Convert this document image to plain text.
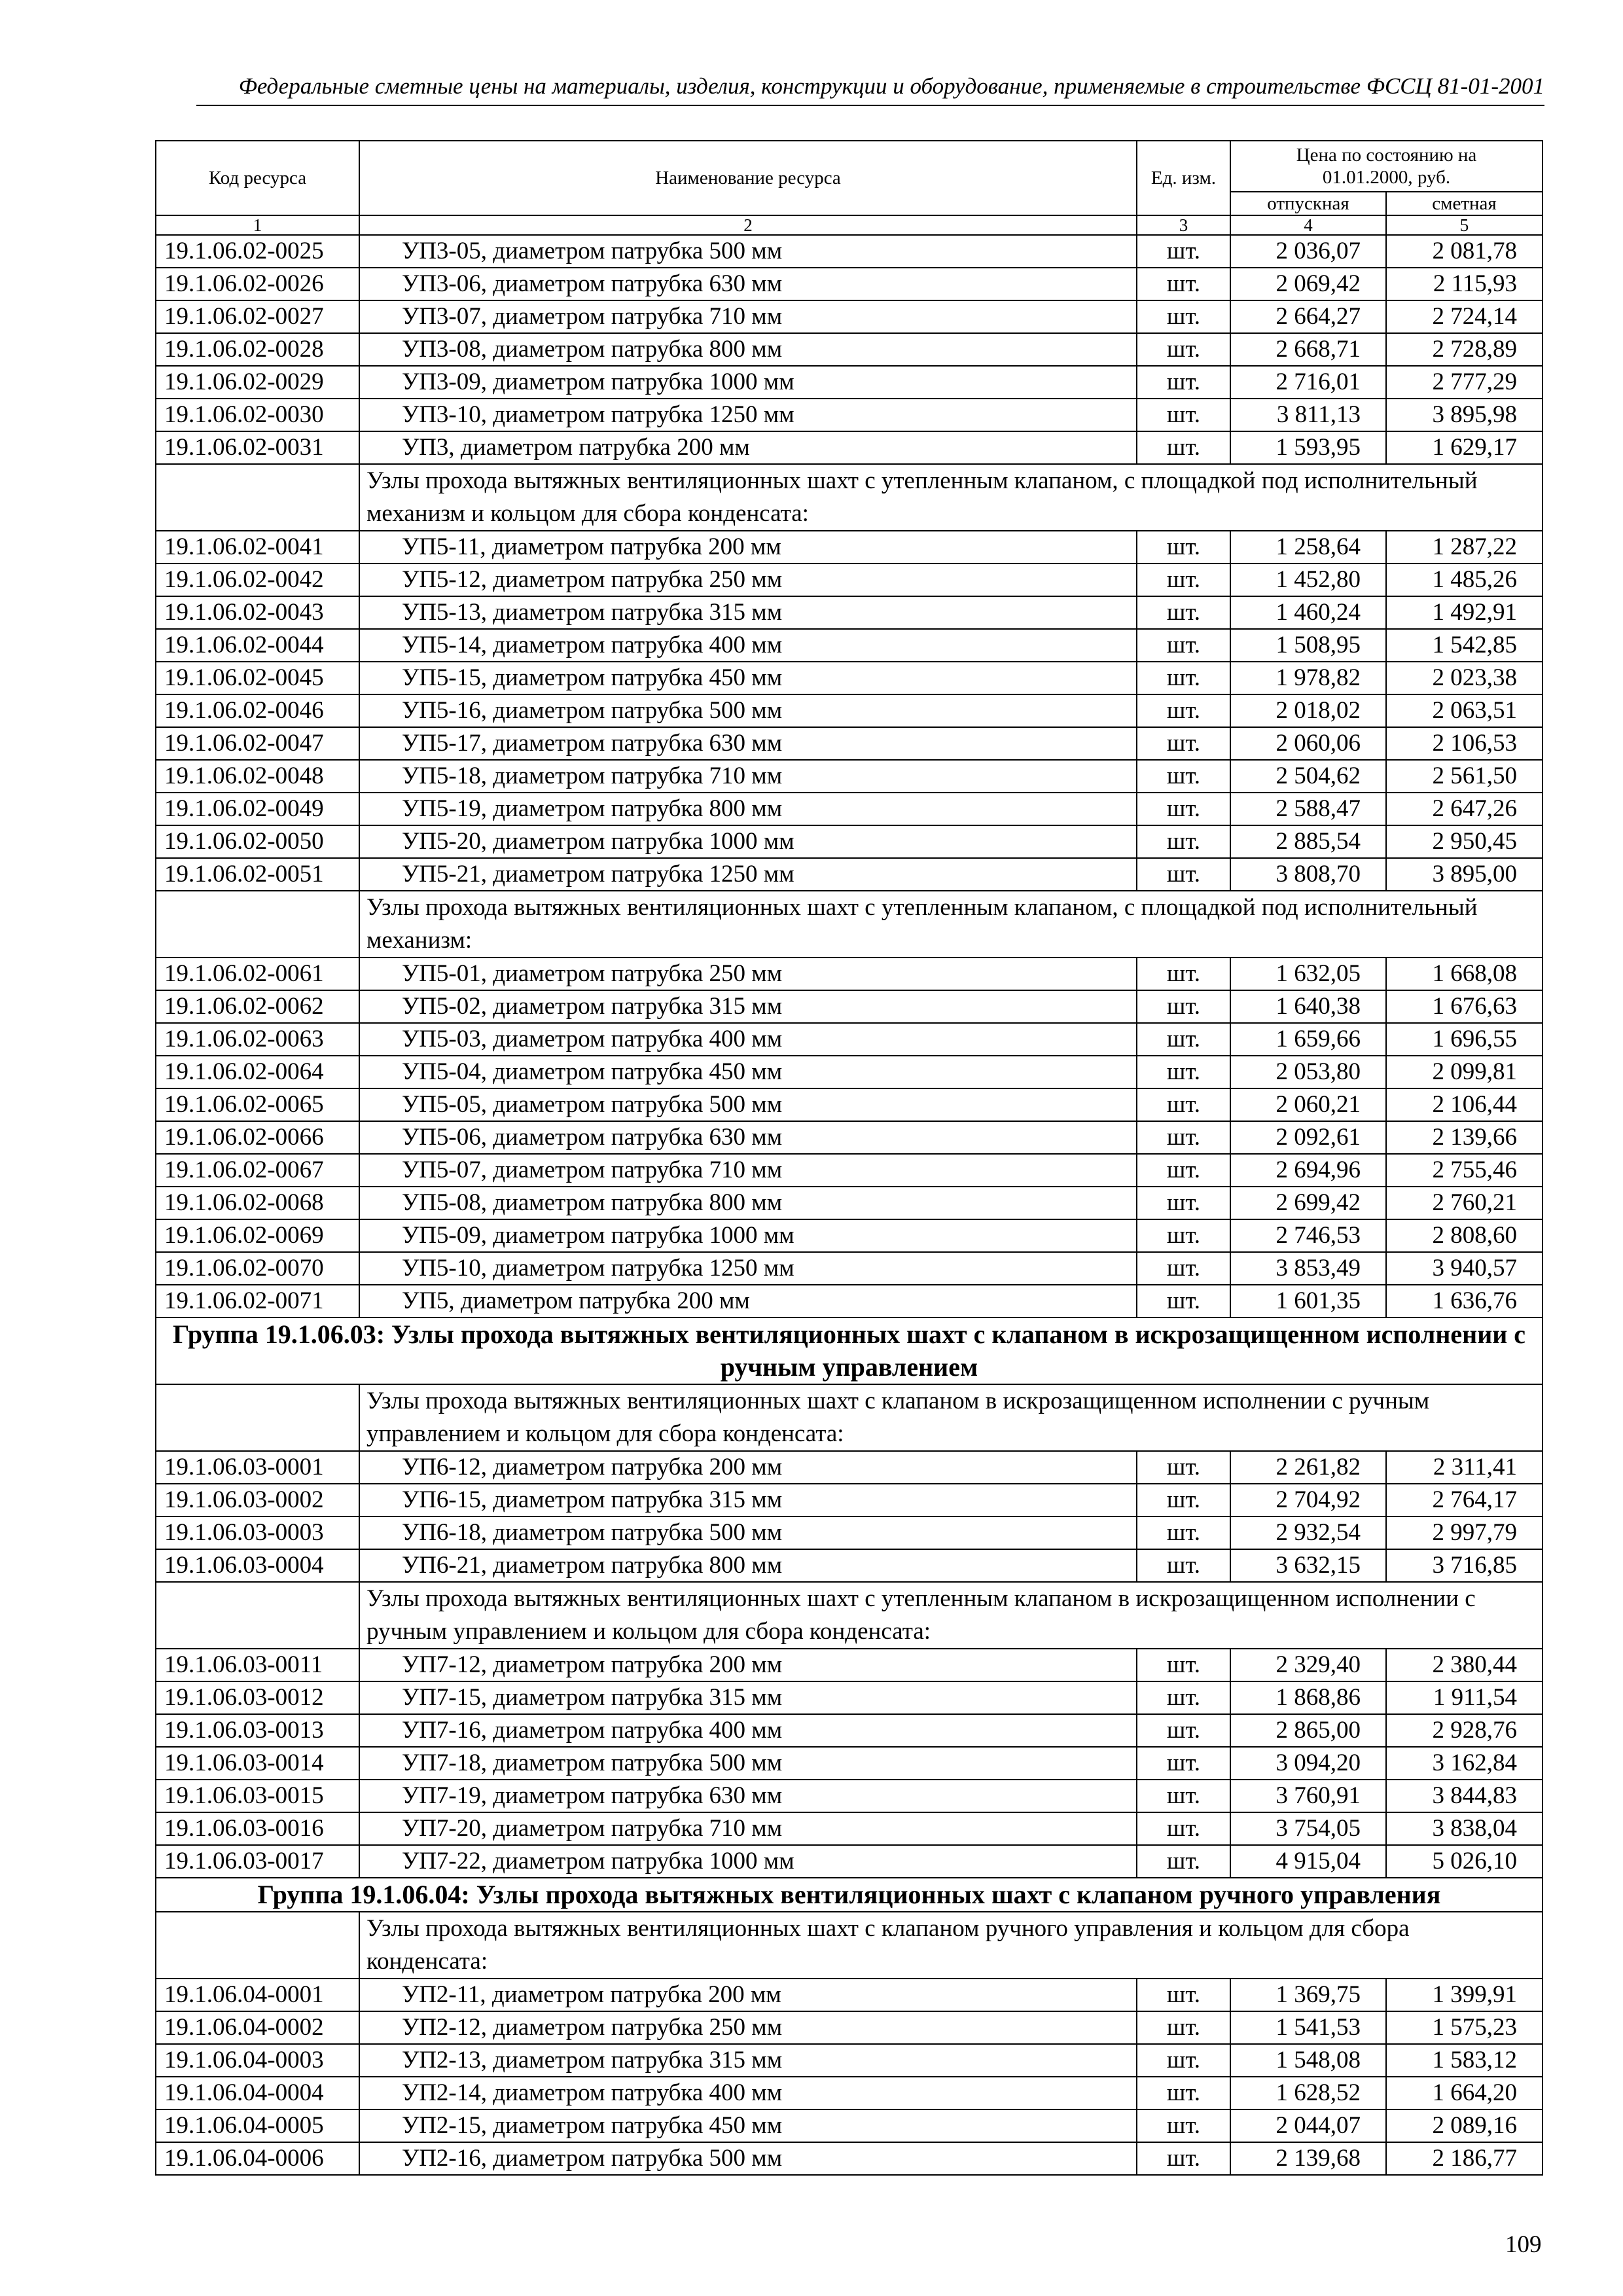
Федеральные сметные цены на материалы, изделия, конструкции и оборудование, применяемые в строительстве ФССЦ 81-01-2001
Код ресурса	Наименование ресурса	Ед. изм.	Цена по состоянию на 01.01.2000, руб.	
			отпускная	сметная
1	2	3	4	5
19.1.06.02-0025	УП3-05, диаметром патрубка 500 мм	шт.	2 036,07	2 081,78
19.1.06.02-0026	УП3-06, диаметром патрубка 630 мм	шт.	2 069,42	2 115,93
19.1.06.02-0027	УП3-07, диаметром патрубка 710 мм	шт.	2 664,27	2 724,14
19.1.06.02-0028	УП3-08, диаметром патрубка 800 мм	шт.	2 668,71	2 728,89
19.1.06.02-0029	УП3-09, диаметром патрубка 1000 мм	шт.	2 716,01	2 777,29
19.1.06.02-0030	УП3-10, диаметром патрубка 1250 мм	шт.	3 811,13	3 895,98
19.1.06.02-0031	УП3, диаметром патрубка 200 мм	шт.	1 593,95	1 629,17
	Узлы прохода вытяжных вентиляционных шахт с утепленным клапаном, с площадкой под исполнительный механизм и кольцом для сбора конденсата:			
19.1.06.02-0041	УП5-11, диаметром патрубка 200 мм	шт.	1 258,64	1 287,22
19.1.06.02-0042	УП5-12, диаметром патрубка 250 мм	шт.	1 452,80	1 485,26
19.1.06.02-0043	УП5-13, диаметром патрубка 315 мм	шт.	1 460,24	1 492,91
19.1.06.02-0044	УП5-14, диаметром патрубка 400 мм	шт.	1 508,95	1 542,85
19.1.06.02-0045	УП5-15, диаметром патрубка 450 мм	шт.	1 978,82	2 023,38
19.1.06.02-0046	УП5-16, диаметром патрубка 500 мм	шт.	2 018,02	2 063,51
19.1.06.02-0047	УП5-17, диаметром патрубка 630 мм	шт.	2 060,06	2 106,53
19.1.06.02-0048	УП5-18, диаметром патрубка 710 мм	шт.	2 504,62	2 561,50
19.1.06.02-0049	УП5-19, диаметром патрубка 800 мм	шт.	2 588,47	2 647,26
19.1.06.02-0050	УП5-20, диаметром патрубка 1000 мм	шт.	2 885,54	2 950,45
19.1.06.02-0051	УП5-21, диаметром патрубка 1250 мм	шт.	3 808,70	3 895,00
	Узлы прохода вытяжных вентиляционных шахт с утепленным клапаном, с площадкой под исполнительный механизм:			
19.1.06.02-0061	УП5-01, диаметром патрубка 250 мм	шт.	1 632,05	1 668,08
19.1.06.02-0062	УП5-02, диаметром патрубка 315 мм	шт.	1 640,38	1 676,63
19.1.06.02-0063	УП5-03, диаметром патрубка 400 мм	шт.	1 659,66	1 696,55
19.1.06.02-0064	УП5-04, диаметром патрубка 450 мм	шт.	2 053,80	2 099,81
19.1.06.02-0065	УП5-05, диаметром патрубка 500 мм	шт.	2 060,21	2 106,44
19.1.06.02-0066	УП5-06, диаметром патрубка 630 мм	шт.	2 092,61	2 139,66
19.1.06.02-0067	УП5-07, диаметром патрубка 710 мм	шт.	2 694,96	2 755,46
19.1.06.02-0068	УП5-08, диаметром патрубка 800 мм	шт.	2 699,42	2 760,21
19.1.06.02-0069	УП5-09, диаметром патрубка 1000 мм	шт.	2 746,53	2 808,60
19.1.06.02-0070	УП5-10, диаметром патрубка 1250 мм	шт.	3 853,49	3 940,57
19.1.06.02-0071	УП5, диаметром патрубка 200 мм	шт.	1 601,35	1 636,76
Группа 19.1.06.03: Узлы прохода вытяжных вентиляционных шахт с клапаном в искрозащищенном исполнении с ручным управлением				
	Узлы прохода вытяжных вентиляционных шахт с клапаном в искрозащищенном исполнении с ручным управлением и кольцом для сбора конденсата:			
19.1.06.03-0001	УП6-12, диаметром патрубка 200 мм	шт.	2 261,82	2 311,41
19.1.06.03-0002	УП6-15, диаметром патрубка 315 мм	шт.	2 704,92	2 764,17
19.1.06.03-0003	УП6-18, диаметром патрубка 500 мм	шт.	2 932,54	2 997,79
19.1.06.03-0004	УП6-21, диаметром патрубка 800 мм	шт.	3 632,15	3 716,85
	Узлы прохода вытяжных вентиляционных шахт с утепленным клапаном в искрозащищенном исполнении с ручным управлением и кольцом для сбора конденсата:			
19.1.06.03-0011	УП7-12, диаметром патрубка 200 мм	шт.	2 329,40	2 380,44
19.1.06.03-0012	УП7-15, диаметром патрубка 315 мм	шт.	1 868,86	1 911,54
19.1.06.03-0013	УП7-16, диаметром патрубка 400 мм	шт.	2 865,00	2 928,76
19.1.06.03-0014	УП7-18, диаметром патрубка 500 мм	шт.	3 094,20	3 162,84
19.1.06.03-0015	УП7-19, диаметром патрубка 630 мм	шт.	3 760,91	3 844,83
19.1.06.03-0016	УП7-20, диаметром патрубка 710 мм	шт.	3 754,05	3 838,04
19.1.06.03-0017	УП7-22, диаметром патрубка 1000 мм	шт.	4 915,04	5 026,10
Группа 19.1.06.04: Узлы прохода вытяжных вентиляционных шахт с клапаном ручного управления				
	Узлы прохода вытяжных вентиляционных шахт с клапаном ручного управления и кольцом для сбора конденсата:			
19.1.06.04-0001	УП2-11, диаметром патрубка 200 мм	шт.	1 369,75	1 399,91
19.1.06.04-0002	УП2-12, диаметром патрубка 250 мм	шт.	1 541,53	1 575,23
19.1.06.04-0003	УП2-13, диаметром патрубка 315 мм	шт.	1 548,08	1 583,12
19.1.06.04-0004	УП2-14, диаметром патрубка 400 мм	шт.	1 628,52	1 664,20
19.1.06.04-0005	УП2-15, диаметром патрубка 450 мм	шт.	2 044,07	2 089,16
19.1.06.04-0006	УП2-16, диаметром патрубка 500 мм	шт.	2 139,68	2 186,77
109
